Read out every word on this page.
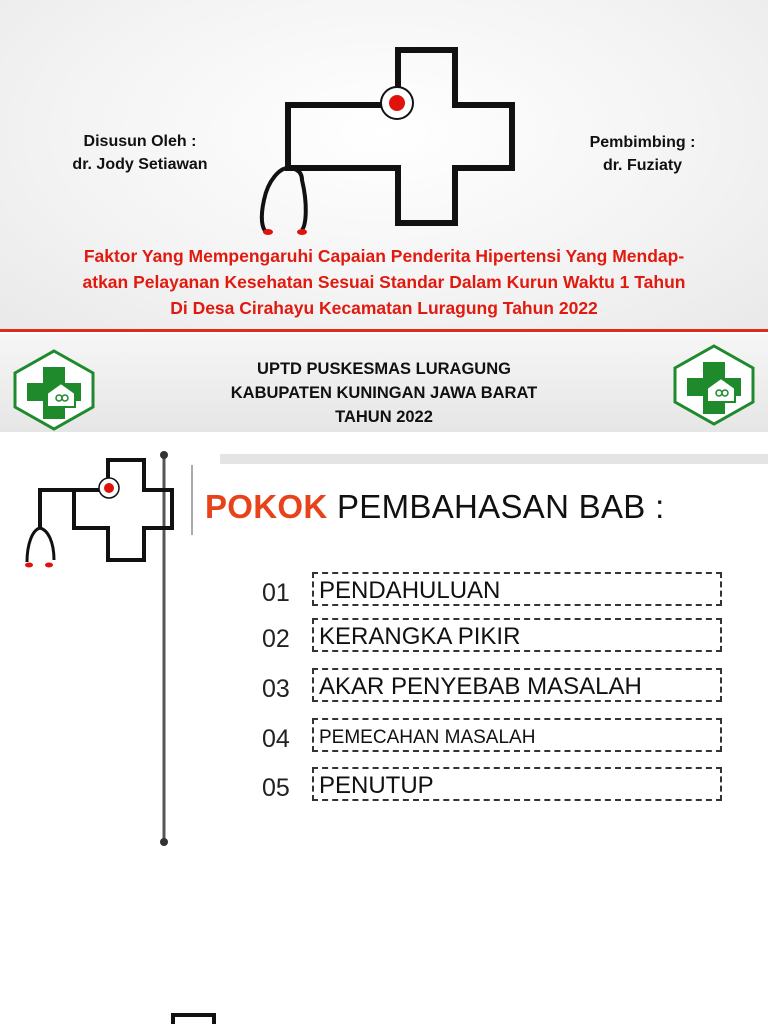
Disusun Oleh :
dr. Jody Setiawan
Pembimbing :
dr. Fuziaty
Faktor Yang Mempengaruhi Capaian Penderita Hipertensi Yang Mendap-
atkan Pelayanan Kesehatan Sesuai Standar Dalam Kurun Waktu 1 Tahun
Di Desa Cirahayu Kecamatan Luragung Tahun 2022
UPTD PUSKESMAS LURAGUNG
KABUPATEN KUNINGAN JAWA BARAT
TAHUN 2022
POKOK PEMBAHASAN BAB :
01 PENDAHULUAN
02 KERANGKA PIKIR
03 AKAR PENYEBAB MASALAH
04 PEMECAHAN MASALAH
05 PENUTUP
